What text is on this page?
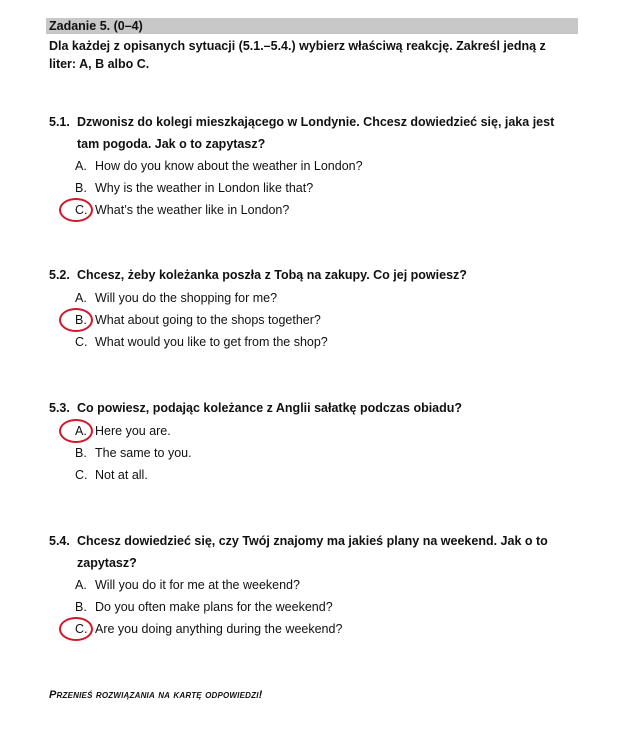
Zadanie 5. (0–4)
Dla każdej z opisanych sytuacji (5.1.–5.4.) wybierz właściwą reakcję. Zakreśl jedną z liter: A, B albo C.
5.1. Dzwonisz do kolegi mieszkającego w Londynie. Chcesz dowiedzieć się, jaka jest tam pogoda. Jak o to zapytasz?
A. How do you know about the weather in London?
B. Why is the weather in London like that?
C. What’s the weather like in London?
5.2. Chcesz, żeby koleżanka poszła z Tobą na zakupy. Co jej powiesz?
A. Will you do the shopping for me?
B. What about going to the shops together?
C. What would you like to get from the shop?
5.3. Co powiesz, podając koleżance z Anglii sałatkę podczas obiadu?
A. Here you are.
B. The same to you.
C. Not at all.
5.4. Chcesz dowiedzieć się, czy Twój znajomy ma jakieś plany na weekend. Jak o to zapytasz?
A. Will you do it for me at the weekend?
B. Do you often make plans for the weekend?
C. Are you doing anything during the weekend?
Przenieś rozwiązania na kartę odpowiedzi!
